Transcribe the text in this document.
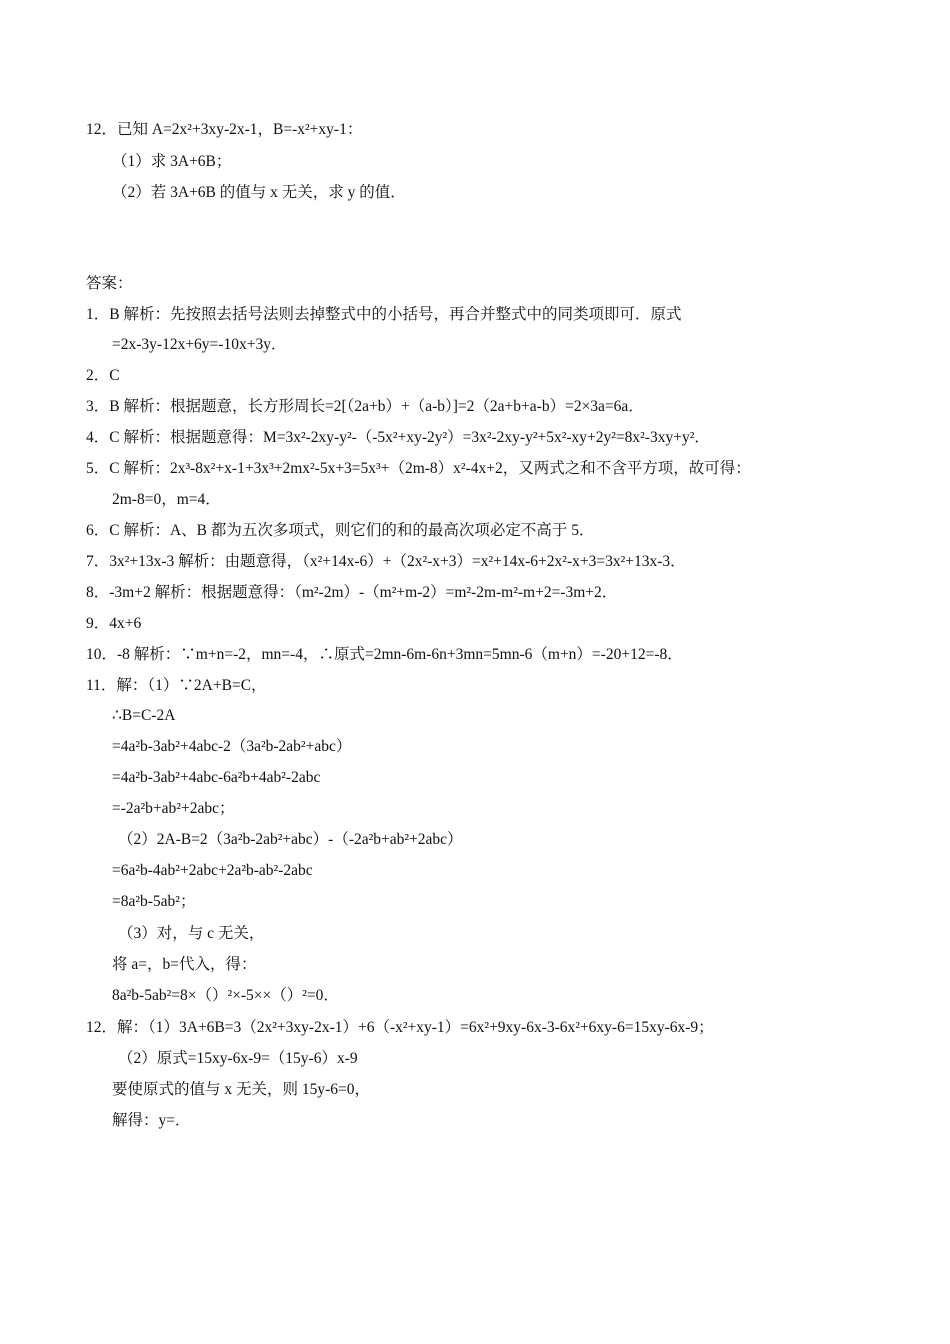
12．已知 A=2x²+3xy-2x-1，B=-x²+xy-1：
（1）求 3A+6B；
（2）若 3A+6B 的值与 x 无关，求 y 的值．
答案：
1．B 解析：先按照去括号法则去掉整式中的小括号，再合并整式中的同类项即可．原式
=2x-3y-12x+6y=-10x+3y．
2．C
3．B 解析：根据题意，长方形周长=2[（2a+b）+（a-b）]=2（2a+b+a-b）=2×3a=6a．
4．C 解析：根据题意得：M=3x²-2xy-y²-（-5x²+xy-2y²）=3x²-2xy-y²+5x²-xy+2y²=8x²-3xy+y²．
5．C 解析：2x³-8x²+x-1+3x³+2mx²-5x+3=5x³+（2m-8）x²-4x+2，又两式之和不含平方项，故可得：
2m-8=0，m=4．
6．C 解析：A、B 都为五次多项式，则它们的和的最高次项必定不高于 5．
7．3x²+13x-3 解析：由题意得，（x²+14x-6）+（2x²-x+3）=x²+14x-6+2x²-x+3=3x²+13x-3．
8．-3m+2 解析：根据题意得：（m²-2m）-（m²+m-2）=m²-2m-m²-m+2=-3m+2．
9．4x+6
10．-8 解析：∵m+n=-2，mn=-4，∴原式=2mn-6m-6n+3mn=5mn-6（m+n）=-20+12=-8．
11．解：（1）∵2A+B=C，
∴B=C-2A
=4a²b-3ab²+4abc-2（3a²b-2ab²+abc）
=4a²b-3ab²+4abc-6a²b+4ab²-2abc
=-2a²b+ab²+2abc；
（2）2A-B=2（3a²b-2ab²+abc）-（-2a²b+ab²+2abc）
=6a²b-4ab²+2abc+2a²b-ab²-2abc
=8a²b-5ab²；
（3）对，与 c 无关，
将 a=，b=代入，得：
8a²b-5ab²=8×（）²×-5××（）²=0．
12．解：（1）3A+6B=3（2x²+3xy-2x-1）+6（-x²+xy-1）=6x²+9xy-6x-3-6x²+6xy-6=15xy-6x-9；
（2）原式=15xy-6x-9=（15y-6）x-9
要使原式的值与 x 无关，则 15y-6=0，
解得：y=．
